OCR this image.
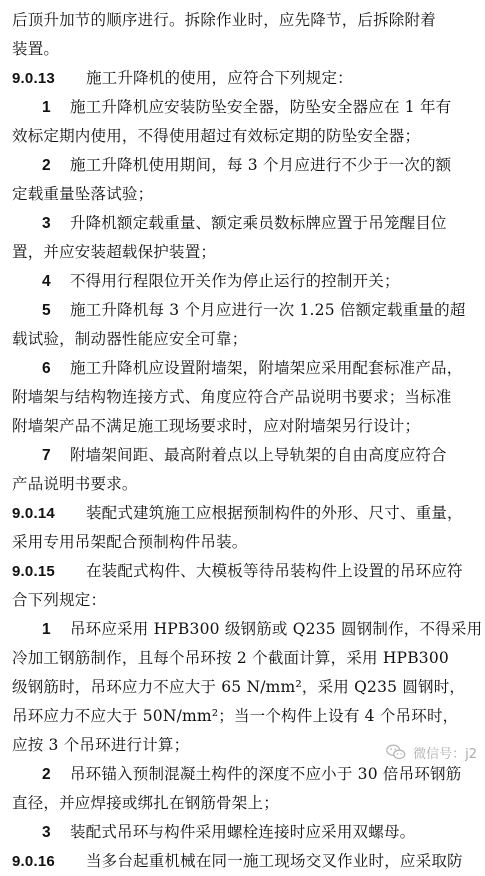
后顶升加节的顺序进行。拆除作业时，应先降节，后拆除附着
装置。
9.0.13  施工升降机的使用，应符合下列规定：
1  施工升降机应安装防坠安全器，防坠安全器应在 1 年有
效标定期内使用，不得使用超过有效标定期的防坠安全器；
2  施工升降机使用期间，每 3 个月应进行不少于一次的额
定载重量坠落试验；
3  升降机额定载重量、额定乘员数标牌应置于吊笼醒目位
置，并应安装超载保护装置；
4  不得用行程限位开关作为停止运行的控制开关；
5  施工升降机每 3 个月应进行一次 1.25 倍额定载重量的超
载试验，制动器性能应安全可靠；
6  施工升降机应设置附墙架，附墙架应采用配套标准产品，
附墙架与结构物连接方式、角度应符合产品说明书要求；当标准
附墙架产品不满足施工现场要求时，应对附墙架另行设计；
7  附墙架间距、最高附着点以上导轨架的自由高度应符合
产品说明书要求。
9.0.14  装配式建筑施工应根据预制构件的外形、尺寸、重量，
采用专用吊架配合预制构件吊装。
9.0.15  在装配式构件、大模板等待吊装构件上设置的吊环应符
合下列规定：
1  吊环应采用 HPB300 级钢筋或 Q235 圆钢制作，不得采用
冷加工钢筋制作，且每个吊环按 2 个截面计算，采用 HPB300
级钢筋时，吊环应力不应大于 65 N/mm²，采用 Q235 圆钢时，
吊环应力不应大于 50N/mm²；当一个构件上设有 4 个吊环时，
应按 3 个吊环进行计算；
2  吊环锚入预制混凝土构件的深度不应小于 30 倍吊环钢筋
直径，并应焊接或绑扎在钢筋骨架上；
3  装配式吊环与构件采用螺栓连接时应采用双螺母。
9.0.16  当多台起重机械在同一施工现场交叉作业时，应采取防
微信号：j2
